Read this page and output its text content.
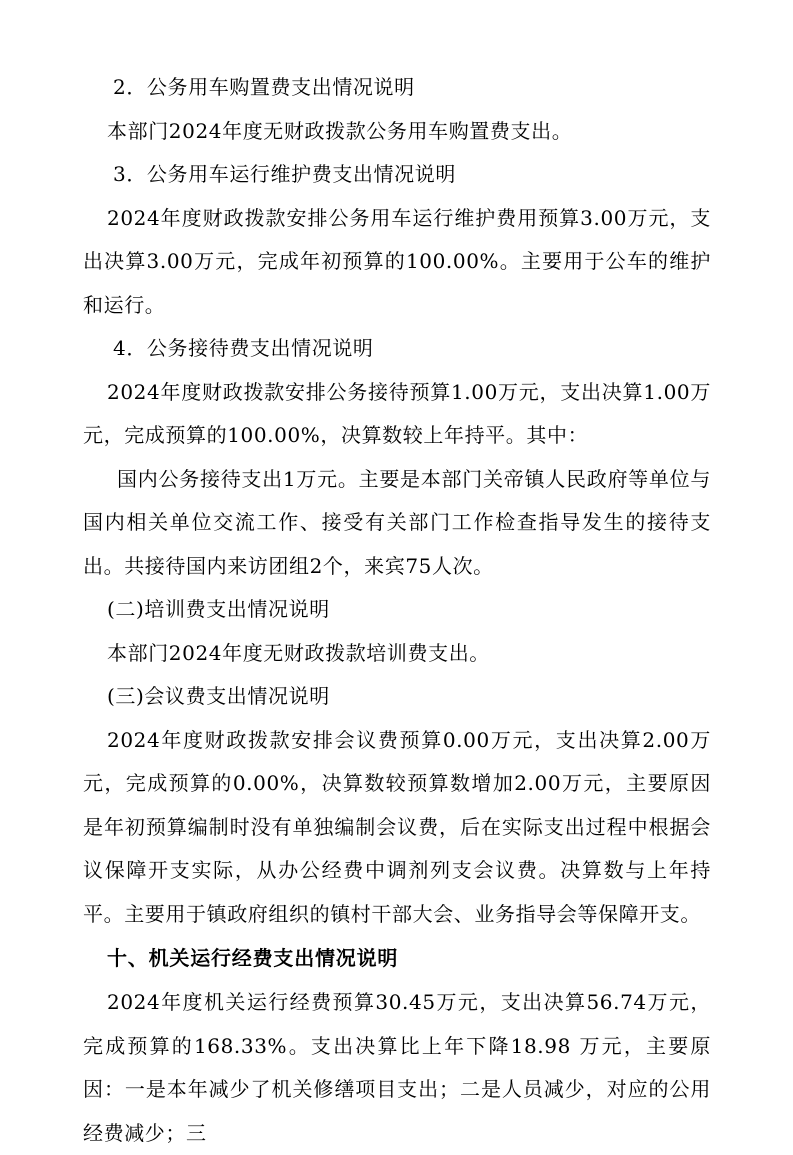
2．公务用车购置费支出情况说明

本部门2024年度无财政拨款公务用车购置费支出。

3．公务用车运行维护费支出情况说明

2024年度财政拨款安排公务用车运行维护费用预算3.00万元，支出决算3.00万元，完成年初预算的100.00%。主要用于公车的维护和运行。

4．公务接待费支出情况说明

2024年度财政拨款安排公务接待预算1.00万元，支出决算1.00万元，完成预算的100.00%，决算数较上年持平。其中：

国内公务接待支出1万元。主要是本部门关帝镇人民政府等单位与国内相关单位交流工作、接受有关部门工作检查指导发生的接待支出。共接待国内来访团组2个，来宾75人次。

(二)培训费支出情况说明

本部门2024年度无财政拨款培训费支出。

(三)会议费支出情况说明

2024年度财政拨款安排会议费预算0.00万元，支出决算2.00万元，完成预算的0.00%，决算数较预算数增加2.00万元，主要原因是年初预算编制时没有单独编制会议费，后在实际支出过程中根据会议保障开支实际，从办公经费中调剂列支会议费。决算数与上年持平。主要用于镇政府组织的镇村干部大会、业务指导会等保障开支。

十、机关运行经费支出情况说明

2024年度机关运行经费预算30.45万元，支出决算56.74万元，完成预算的168.33%。支出决算比上年下降18.98 万元，主要原因：一是本年减少了机关修缮项目支出；二是人员减少，对应的公用经费减少；三
